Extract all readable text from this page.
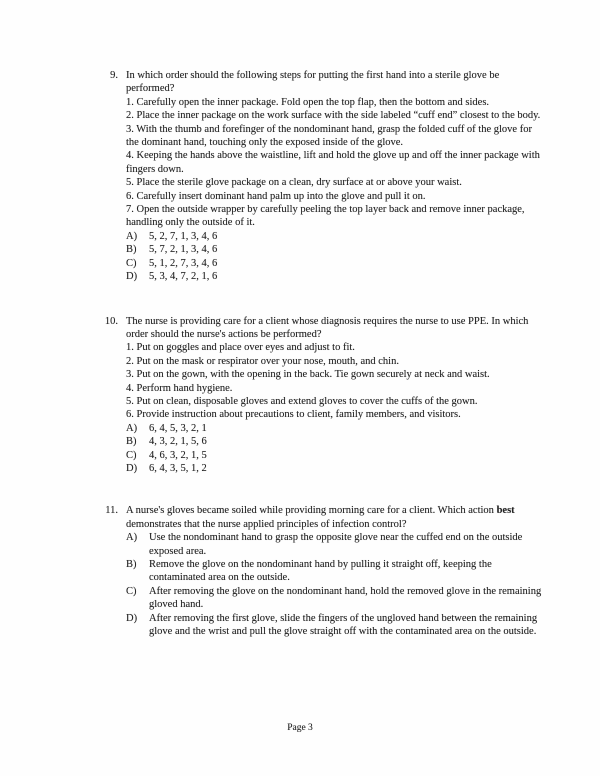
9. In which order should the following steps for putting the first hand into a sterile glove be performed?
1. Carefully open the inner package. Fold open the top flap, then the bottom and sides.
2. Place the inner package on the work surface with the side labeled “cuff end” closest to the body.
3. With the thumb and forefinger of the nondominant hand, grasp the folded cuff of the glove for the dominant hand, touching only the exposed inside of the glove.
4. Keeping the hands above the waistline, lift and hold the glove up and off the inner package with fingers down.
5. Place the sterile glove package on a clean, dry surface at or above your waist.
6. Carefully insert dominant hand palm up into the glove and pull it on.
7. Open the outside wrapper by carefully peeling the top layer back and remove inner package, handling only the outside of it.
A)	5, 2, 7, 1, 3, 4, 6
B)	5, 7, 2, 1, 3, 4, 6
C)	5, 1, 2, 7, 3, 4, 6
D)	5, 3, 4, 7, 2, 1, 6
10. The nurse is providing care for a client whose diagnosis requires the nurse to use PPE. In which order should the nurse's actions be performed?
1. Put on goggles and place over eyes and adjust to fit.
2. Put on the mask or respirator over your nose, mouth, and chin.
3. Put on the gown, with the opening in the back. Tie gown securely at neck and waist.
4. Perform hand hygiene.
5. Put on clean, disposable gloves and extend gloves to cover the cuffs of the gown.
6. Provide instruction about precautions to client, family members, and visitors.
A)	6, 4, 5, 3, 2, 1
B)	4, 3, 2, 1, 5, 6
C)	4, 6, 3, 2, 1, 5
D)	6, 4, 3, 5, 1, 2
11. A nurse's gloves became soiled while providing morning care for a client. Which action best demonstrates that the nurse applied principles of infection control?
A)	Use the nondominant hand to grasp the opposite glove near the cuffed end on the outside exposed area.
B)	Remove the glove on the nondominant hand by pulling it straight off, keeping the contaminated area on the outside.
C)	After removing the glove on the nondominant hand, hold the removed glove in the remaining gloved hand.
D)	After removing the first glove, slide the fingers of the ungloved hand between the remaining glove and the wrist and pull the glove straight off with the contaminated area on the outside.
Page 3
